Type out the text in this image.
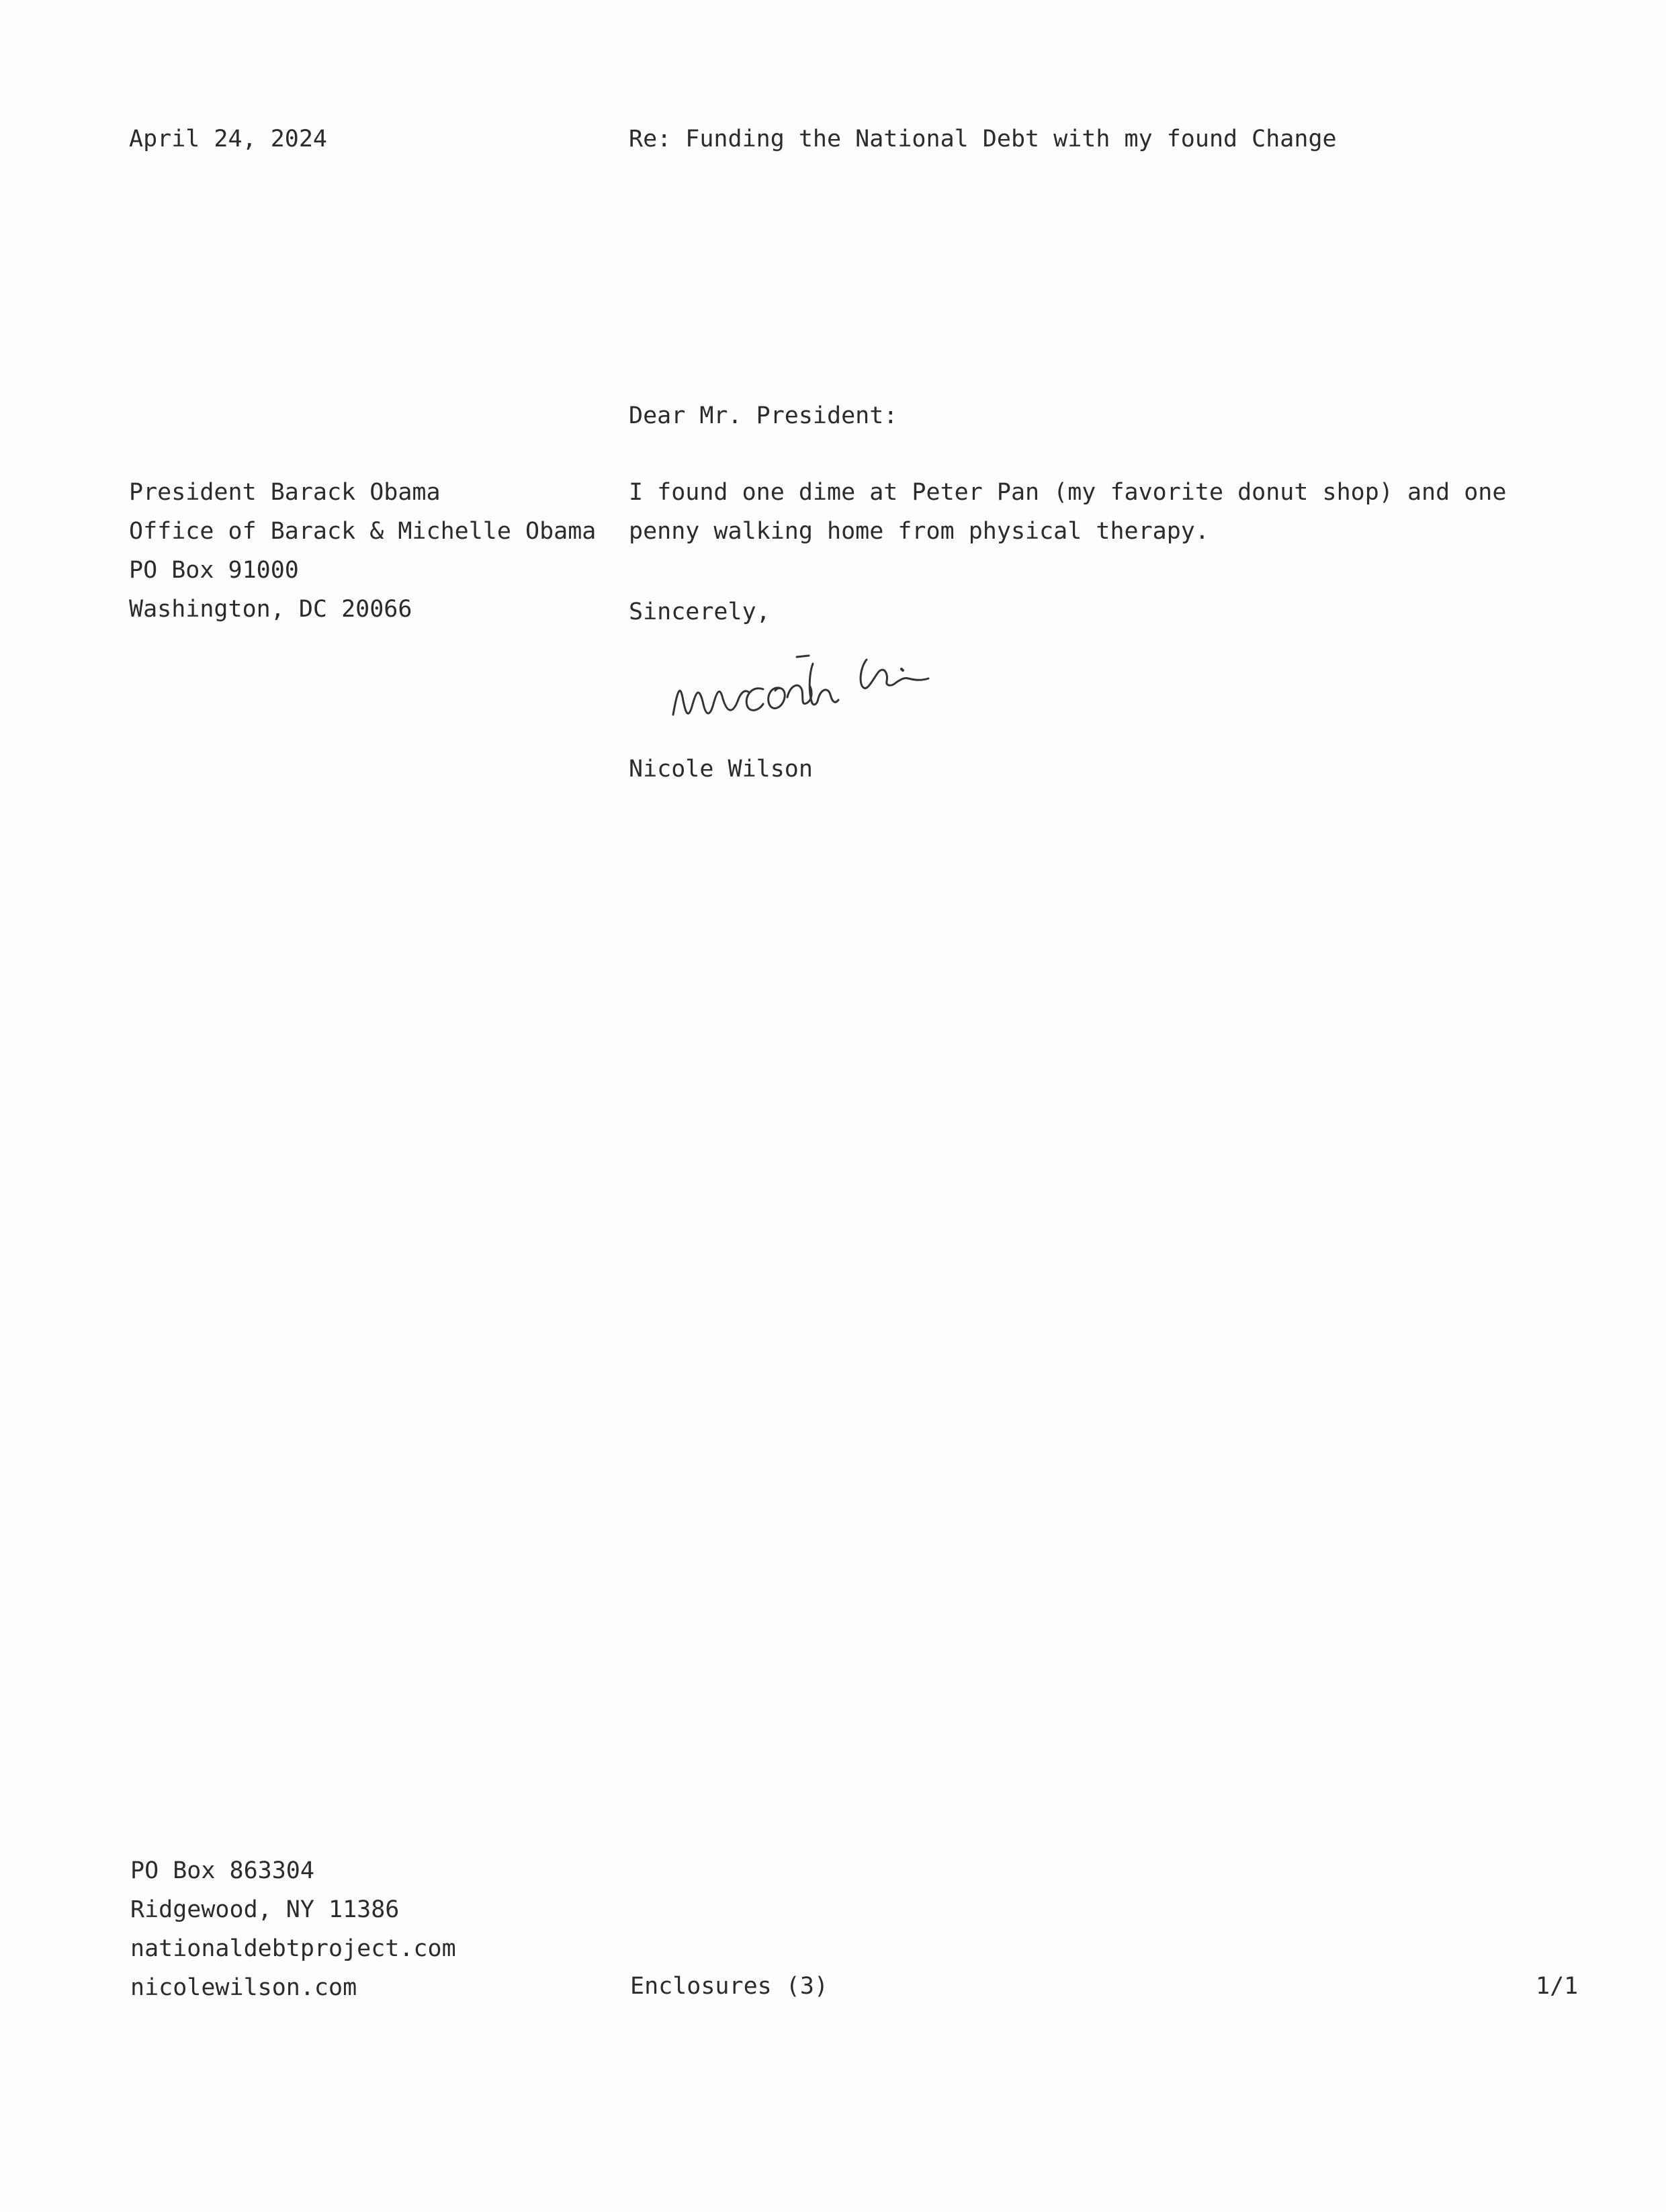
April 24, 2024	Re: Funding the National Debt with my found Change
Dear Mr. President:
President Barack Obama
Office of Barack & Michelle Obama
PO Box 91000
Washington, DC 20066
I found one dime at Peter Pan (my favorite donut shop) and one
penny walking home from physical therapy.
Sincerely,
Nicole Wilson
PO Box 863304
Ridgewood, NY 11386
nationaldebtproject.com
nicolewilson.com	Enclosures (3)	1/1
